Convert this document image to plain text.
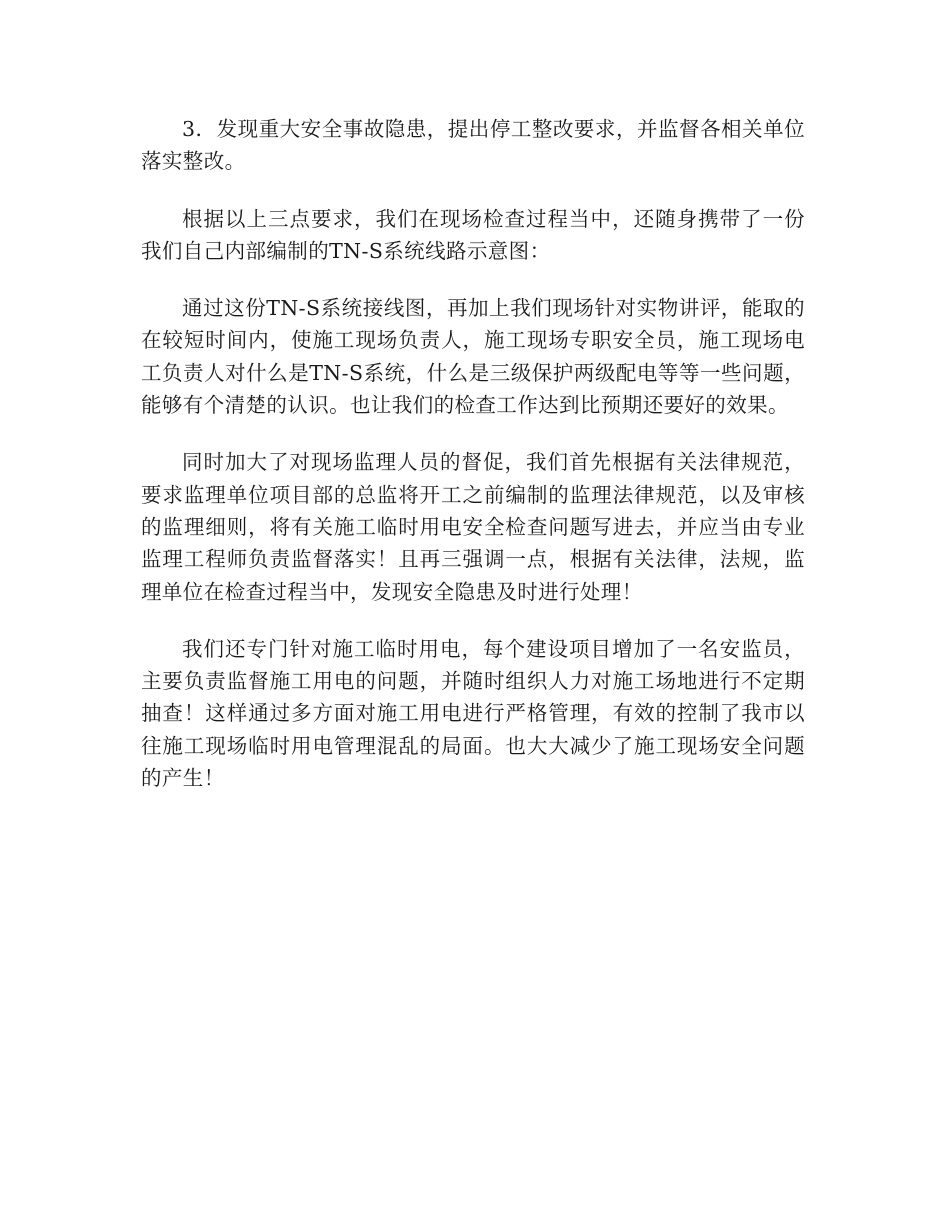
3．发现重大安全事故隐患，提出停工整改要求，并监督各相关单位落实整改。

根据以上三点要求，我们在现场检查过程当中，还随身携带了一份我们自己内部编制的TN-S系统线路示意图：

通过这份TN-S系统接线图，再加上我们现场针对实物讲评，能取的在较短时间内，使施工现场负责人，施工现场专职安全员，施工现场电工负责人对什么是TN-S系统，什么是三级保护两级配电等等一些问题，能够有个清楚的认识。也让我们的检查工作达到比预期还要好的效果。

同时加大了对现场监理人员的督促，我们首先根据有关法律规范，要求监理单位项目部的总监将开工之前编制的监理法律规范，以及审核的监理细则，将有关施工临时用电安全检查问题写进去，并应当由专业监理工程师负责监督落实！且再三强调一点，根据有关法律，法规，监理单位在检查过程当中，发现安全隐患及时进行处理！

我们还专门针对施工临时用电，每个建设项目增加了一名安监员，主要负责监督施工用电的问题，并随时组织人力对施工场地进行不定期抽查！这样通过多方面对施工用电进行严格管理，有效的控制了我市以往施工现场临时用电管理混乱的局面。也大大减少了施工现场安全问题的产生！
